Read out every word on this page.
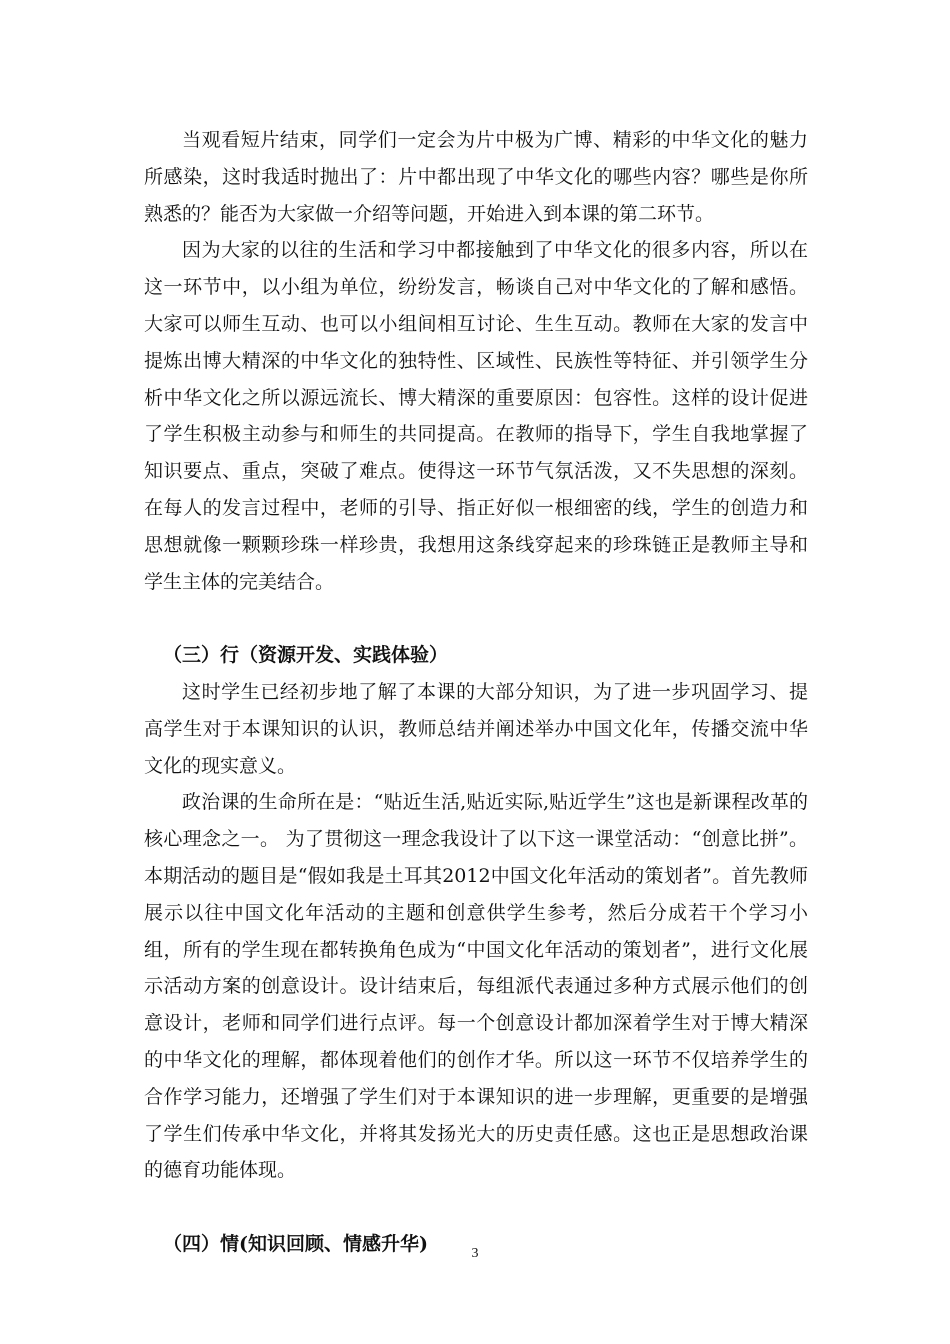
当观看短片结束，同学们一定会为片中极为广博、精彩的中华文化的魅力所感染，这时我适时抛出了：片中都出现了中华文化的哪些内容？哪些是你所熟悉的？能否为大家做一介绍等问题，开始进入到本课的第二环节。

因为大家的以往的生活和学习中都接触到了中华文化的很多内容，所以在这一环节中，以小组为单位，纷纷发言，畅谈自己对中华文化的了解和感悟。大家可以师生互动、也可以小组间相互讨论、生生互动。教师在大家的发言中提炼出博大精深的中华文化的独特性、区域性、民族性等特征、并引领学生分析中华文化之所以源远流长、博大精深的重要原因：包容性。这样的设计促进了学生积极主动参与和师生的共同提高。在教师的指导下，学生自我地掌握了知识要点、重点，突破了难点。使得这一环节气氛活泼，又不失思想的深刻。在每人的发言过程中，老师的引导、指正好似一根细密的线，学生的创造力和思想就像一颗颗珍珠一样珍贵，我想用这条线穿起来的珍珠链正是教师主导和学生主体的完美结合。

（三）行（资源开发、实践体验）

这时学生已经初步地了解了本课的大部分知识，为了进一步巩固学习、提高学生对于本课知识的认识，教师总结并阐述举办中国文化年，传播交流中华文化的现实意义。

政治课的生命所在是：“贴近生活,贴近实际,贴近学生”这也是新课程改革的核心理念之一。 为了贯彻这一理念我设计了以下这一课堂活动：“创意比拼”。本期活动的题目是“假如我是土耳其2012中国文化年活动的策划者”。首先教师展示以往中国文化年活动的主题和创意供学生参考，然后分成若干个学习小组，所有的学生现在都转换角色成为“中国文化年活动的策划者”，进行文化展示活动方案的创意设计。设计结束后，每组派代表通过多种方式展示他们的创意设计，老师和同学们进行点评。每一个创意设计都加深着学生对于博大精深的中华文化的理解，都体现着他们的创作才华。所以这一环节不仅培养学生的合作学习能力，还增强了学生们对于本课知识的进一步理解，更重要的是增强了学生们传承中华文化，并将其发扬光大的历史责任感。这也正是思想政治课的德育功能体现。

（四）情(知识回顾、情感升华)	3
